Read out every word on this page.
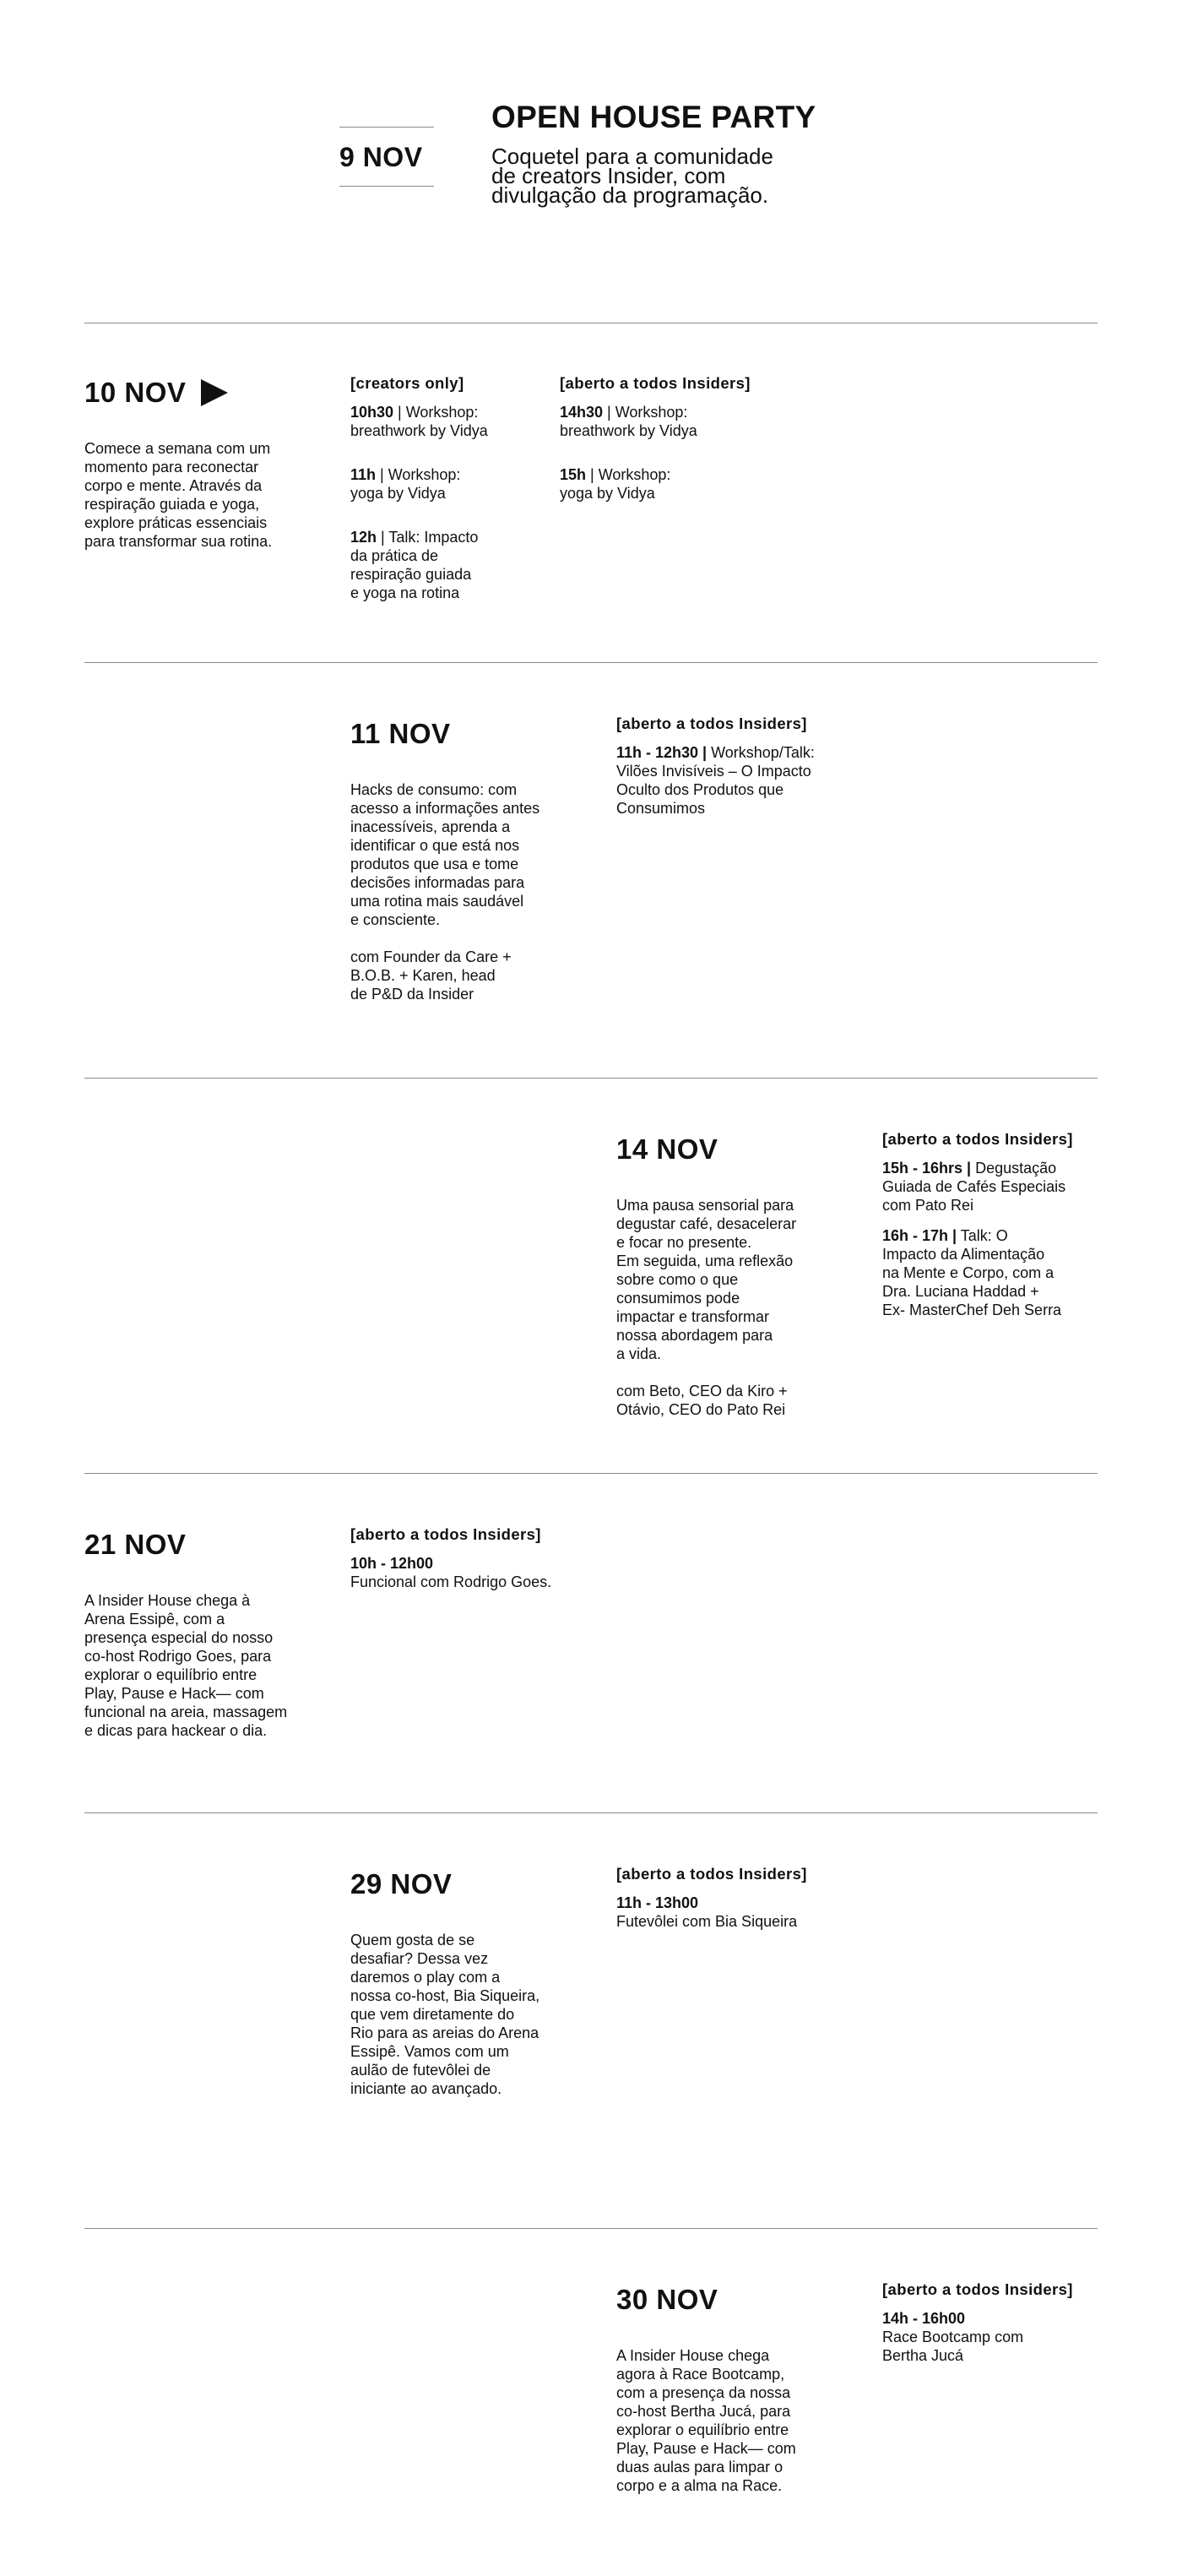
9 NOV
OPEN HOUSE PARTY
Coquetel para a comunidade
de creators Insider, com
divulgação da programação.
10 NOV
Comece a semana com um
momento para reconectar
corpo e mente. Através da
respiração guiada e yoga,
explore práticas essenciais
para transformar sua rotina.
[creators only]
10h30 | Workshop:
breathwork by Vidya
11h | Workshop:
yoga by Vidya
12h | Talk: Impacto
da prática de
respiração guiada
e yoga na rotina
[aberto a todos Insiders]
14h30 | Workshop:
breathwork by Vidya
15h | Workshop:
yoga by Vidya
11 NOV
Hacks de consumo: com
acesso a informações antes
inacessíveis, aprenda a
identificar o que está nos
produtos que usa e tome
decisões informadas para
uma rotina mais saudável
e consciente.

com Founder da Care +
B.O.B. + Karen, head
de P&D da Insider
[aberto a todos Insiders]
11h - 12h30 | Workshop/Talk:
Vilões Invisíveis – O Impacto
Oculto dos Produtos que
Consumimos
14 NOV
Uma pausa sensorial para
degustar café, desacelerar
e focar no presente.
Em seguida, uma reflexão
sobre como o que
consumimos pode
impactar e transformar
nossa abordagem para
a vida.

com Beto, CEO da Kiro +
Otávio, CEO do Pato Rei
[aberto a todos Insiders]
15h - 16hrs | Degustação
Guiada de Cafés Especiais
com Pato Rei
16h - 17h | Talk: O
Impacto da Alimentação
na Mente e Corpo, com a
Dra. Luciana Haddad +
Ex- MasterChef Deh Serra
21 NOV
A Insider House chega à
Arena Essipê, com a
presença especial do nosso
co-host Rodrigo Goes, para
explorar o equilíbrio entre
Play, Pause e Hack— com
funcional na areia, massagem
e dicas para hackear o dia.
[aberto a todos Insiders]
10h - 12h00
Funcional com Rodrigo Goes.
29 NOV
Quem gosta de se
desafiar? Dessa vez
daremos o play com a
nossa co-host, Bia Siqueira,
que vem diretamente do
Rio para as areias do Arena
Essipê. Vamos com um
aulão de futevôlei de
iniciante ao avançado.
[aberto a todos Insiders]
11h - 13h00
Futevôlei com Bia Siqueira
30 NOV
A Insider House chega
agora à Race Bootcamp,
com a presença da nossa
co-host Bertha Jucá, para
explorar o equilíbrio entre
Play, Pause e Hack— com
duas aulas para limpar o
corpo e a alma na Race.
[aberto a todos Insiders]
14h - 16h00
Race Bootcamp com
Bertha Jucá
